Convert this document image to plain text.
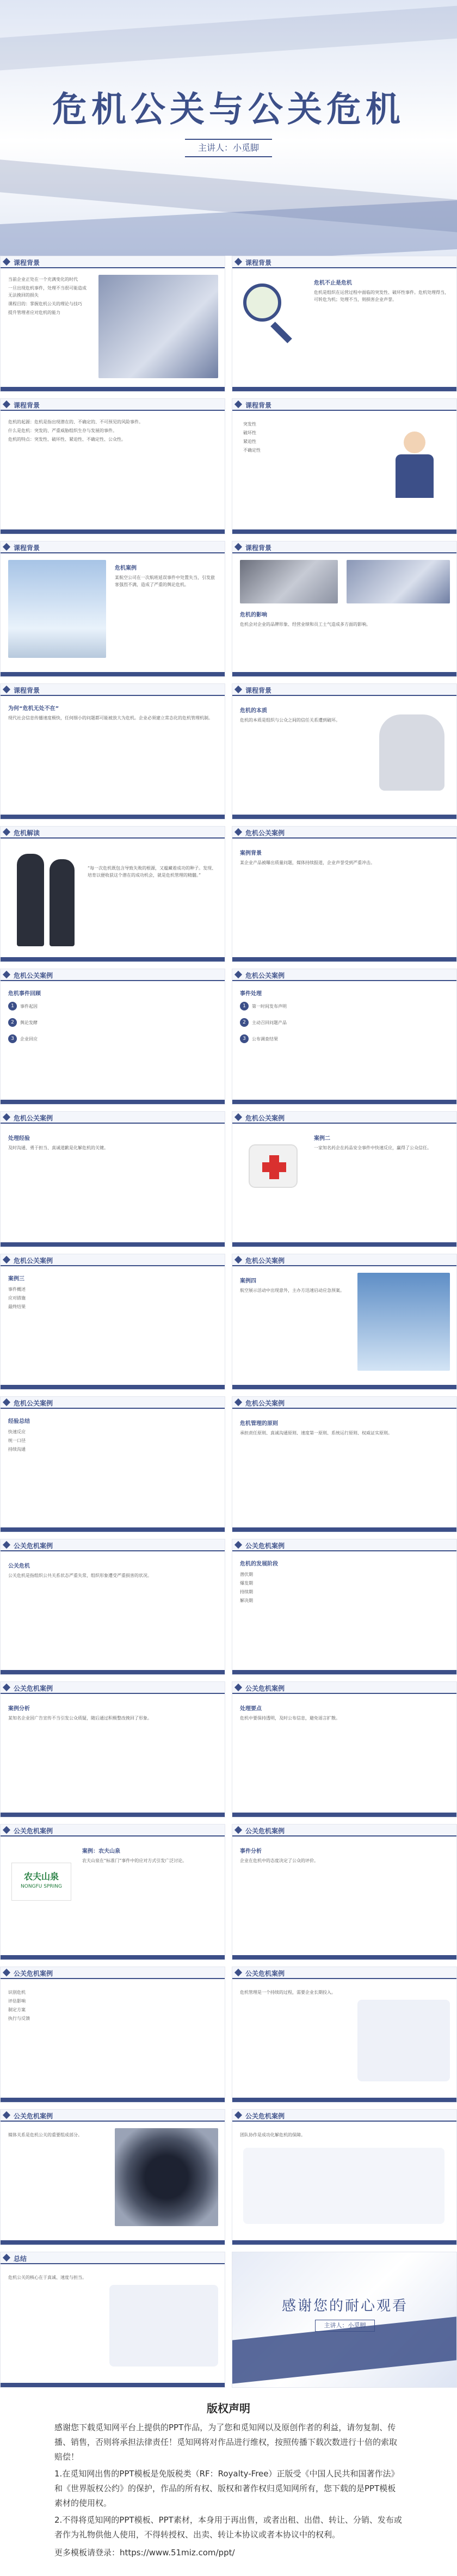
危机公关与公关危机
主讲人：小觅脚
课程背景

当前企业正处在一个充满变化的时代

一旦出现危机事件，处理不当很可能造成无法挽回的损失

课程目的：掌握危机公关的理论与技巧

提升管理者应对危机的能力

课程背景
危机不止是危机
危机是组织在运营过程中面临的突发性、破坏性事件。危机处理得当，可转危为机；处理不当，则损害企业声誉。
课程背景

危机的起源：危机是指出现潜在的、不确定的、不可预见的风险事件。

什么是危机：突发的、严重威胁组织生存与发展的事件。

危机的特点：突发性、破坏性、紧迫性、不确定性、公众性。

课程背景

突发性

破坏性

紧迫性

不确定性

课程背景
危机案例
某航空公司在一次航班延误事件中处置失当，引发旅客强烈不满，造成了严重的舆论危机。
课程背景
危机的影响
危机会对企业的品牌形象、经营业绩和员工士气造成多方面的影响。
课程背景
为何“危机无处不在”
现代社会信息传播速度极快，任何细小的问题都可能被放大为危机。企业必须建立常态化的危机管理机制。
课程背景
危机的本质
危机的本质是组织与公众之间的信任关系遭到破坏。
危机解读
“每一次危机既包含导致失败的根源，又蕴藏着成功的种子。发现、培育以便收获这个潜在的成功机会，就是危机管理的精髓。”
危机公关案例
案例背景
某企业产品被曝出质量问题，媒体持续报道，企业声誉受到严重冲击。
危机公关案例
危机事件回顾
1	事件起因
2	舆论发酵
3	企业回应
危机公关案例
事件处理
1	第一时间发布声明
2	主动召回问题产品
3	公布调查结果
危机公关案例
处理经验
及时沟通、勇于担当、真诚道歉是化解危机的关键。
危机公关案例
案例二
一家知名药企在药品安全事件中快速反应，赢得了公众信任。
危机公关案例
案例三

事件概述

应对措施

最终结果

危机公关案例
案例四
航空展示活动中出现意外，主办方迅速启动应急预案。
危机公关案例
经验总结

快速反应

统一口径

持续沟通

危机公关案例
危机管理的原则
承担责任原则、真诚沟通原则、速度第一原则、系统运行原则、权威证实原则。
公关危机案例
公关危机
公关危机是指组织公共关系状态严重失常，组织形象遭受严重损害的状况。
公关危机案例
危机的发展阶段

潜伏期

爆发期

持续期

解决期

公关危机案例
案例分析
某知名企业因广告宣传不当引发公众质疑，随后通过积极整改挽回了形象。
公关危机案例
处理要点
危机中要保持透明，及时公布信息，避免谣言扩散。
公关危机案例
农夫山泉
NONGFU SPRING
案例：农夫山泉
农夫山泉在“标准门”事件中的应对方式引发广泛讨论。
公关危机案例
事件分析
企业在危机中的态度决定了公众的评价。
公关危机案例

识别危机

评估影响

制定方案

执行与反馈

公关危机案例
危机管理是一个持续的过程，需要企业长期投入。
公关危机案例
媒体关系是危机公关的重要组成部分。
公关危机案例
团队协作是成功化解危机的保障。
总结
危机公关的核心在于真诚、速度与担当。
感谢您的耐心观看
主讲人：小觅脚
版权声明

感谢您下载觅知网平台上提供的PPT作品，为了您和觅知网以及原创作者的利益，请勿复制、传播、销售，否则将承担法律责任！觅知网将对作品进行维权，按照传播下载次数进行十倍的索取赔偿！

1.在觅知网出售的PPT模板是免版税类（RF：Royalty-Free）正版受《中国人民共和国著作法》和《世界版权公约》的保护，作品的所有权、版权和著作权归觅知网所有，您下载的是PPT模板素材的使用权。

2.不得将觅知网的PPT模板、PPT素材，本身用于再出售，或者出租、出借、转让、分销、发布或者作为礼物供他人使用，不得转授权、出卖、转让本协议或者本协议中的权利。

更多模板请登录：https://www.51miz.com/ppt/
